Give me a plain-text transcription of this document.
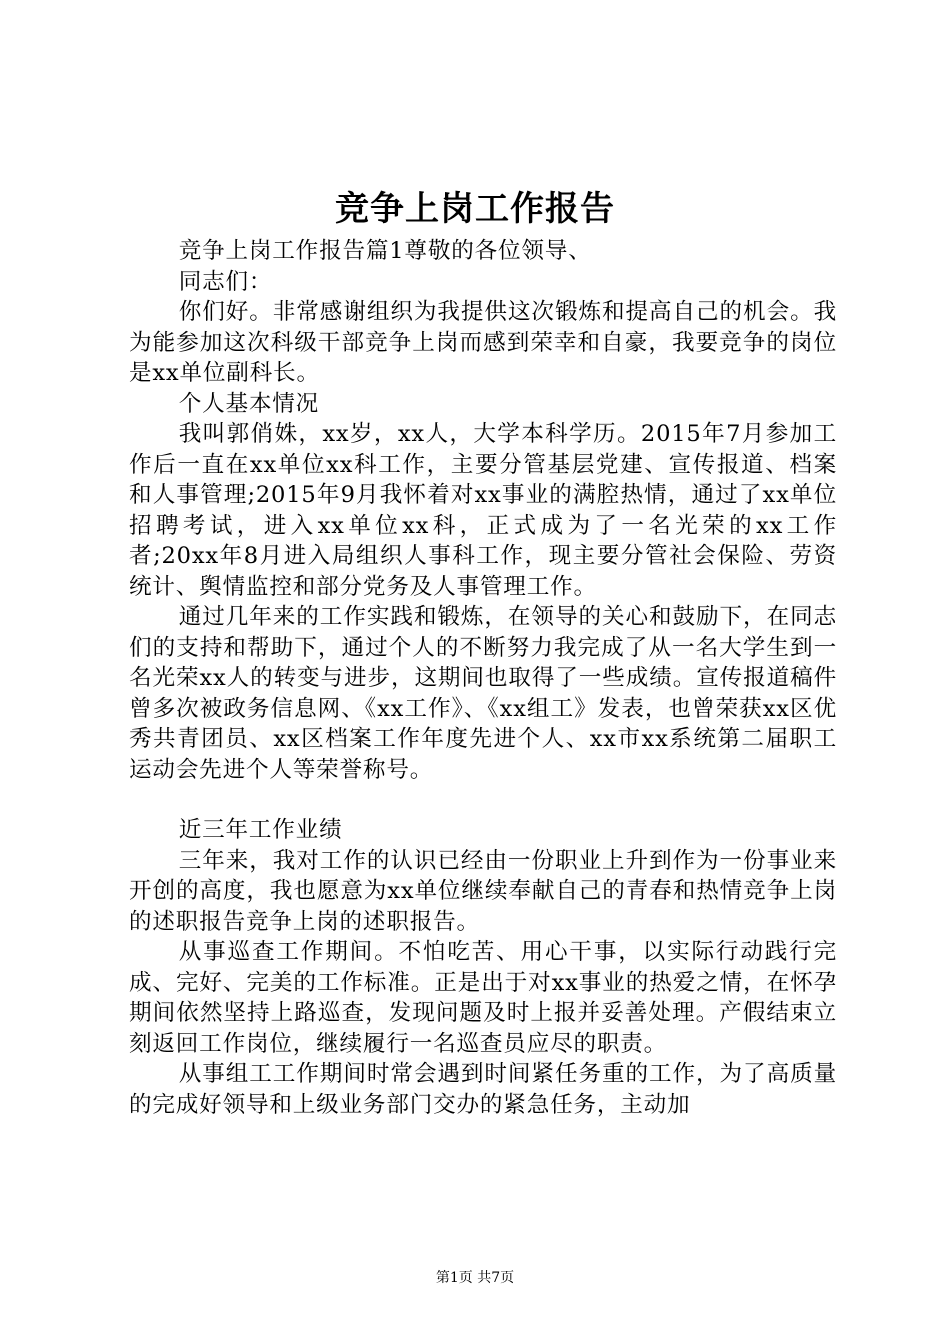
竞争上岗工作报告

竞争上岗工作报告篇1尊敬的各位领导、

同志们：

你们好。非常感谢组织为我提供这次锻炼和提高自己的机会。我为能参加这次科级干部竞争上岗而感到荣幸和自豪，我要竞争的岗位是xx单位副科长。

个人基本情况

我叫郭俏姝，xx岁，xx人，大学本科学历。2015年7月参加工作后一直在xx单位xx科工作，主要分管基层党建、宣传报道、档案和人事管理;2015年9月我怀着对xx事业的满腔热情，通过了xx单位招聘考试，进入xx单位xx科，正式成为了一名光荣的xx工作者;20xx年8月进入局组织人事科工作，现主要分管社会保险、劳资统计、舆情监控和部分党务及人事管理工作。

通过几年来的工作实践和锻炼，在领导的关心和鼓励下，在同志们的支持和帮助下，通过个人的不断努力我完成了从一名大学生到一名光荣xx人的转变与进步，这期间也取得了一些成绩。宣传报道稿件曾多次被政务信息网、《xx工作》、《xx组工》发表，也曾荣获xx区优秀共青团员、xx区档案工作年度先进个人、xx市xx系统第二届职工运动会先进个人等荣誉称号。

近三年工作业绩

三年来，我对工作的认识已经由一份职业上升到作为一份事业来开创的高度，我也愿意为xx单位继续奉献自己的青春和热情竞争上岗的述职报告竞争上岗的述职报告。

从事巡查工作期间。不怕吃苦、用心干事，以实际行动践行完成、完好、完美的工作标准。正是出于对xx事业的热爱之情，在怀孕期间依然坚持上路巡查，发现问题及时上报并妥善处理。产假结束立刻返回工作岗位，继续履行一名巡查员应尽的职责。

从事组工工作期间时常会遇到时间紧任务重的工作，为了高质量的完成好领导和上级业务部门交办的紧急任务，主动加

第1页 共7页
